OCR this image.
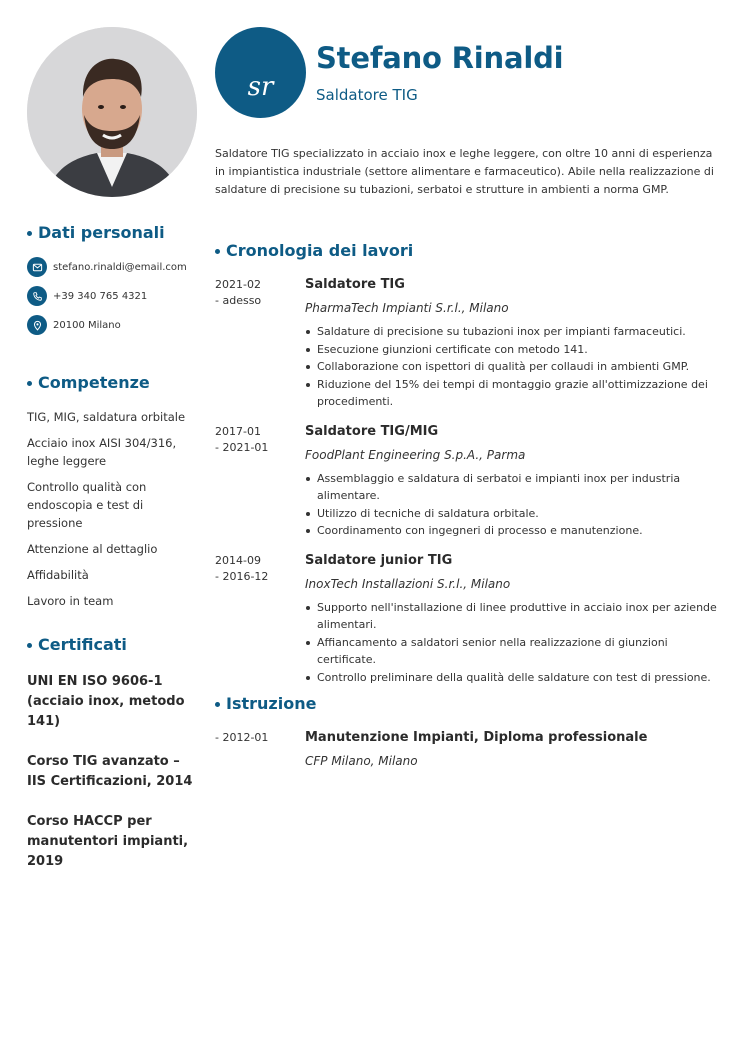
Dati personali
stefano.rinaldi@email.com
+39 340 765 4321
20100 Milano
Competenze
TIG, MIG, saldatura orbitale
Acciaio inox AISI 304/316, leghe leggere
Controllo qualità con endoscopia e test di pressione
Attenzione al dettaglio
Affidabilità
Lavoro in team
Certificati
UNI EN ISO 9606-1 (acciaio inox, metodo 141)
Corso TIG avanzato – IIS Certificazioni, 2014
Corso HACCP per manutentori impianti, 2019
sr
Stefano Rinaldi
Saldatore TIG
Saldatore TIG specializzato in acciaio inox e leghe leggere, con oltre 10 anni di esperienza in impiantistica industriale (settore alimentare e farmaceutico). Abile nella realizzazione di saldature di precisione su tubazioni, serbatoi e strutture in ambienti a norma GMP.
Cronologia dei lavori
2021-02
- adesso
Saldatore TIG
PharmaTech Impianti S.r.l., Milano
Saldature di precisione su tubazioni inox per impianti farmaceutici.
Esecuzione giunzioni certificate con metodo 141.
Collaborazione con ispettori di qualità per collaudi in ambienti GMP.
Riduzione del 15% dei tempi di montaggio grazie all'ottimizzazione dei procedimenti.
2017-01
- 2021-01
Saldatore TIG/MIG
FoodPlant Engineering S.p.A., Parma
Assemblaggio e saldatura di serbatoi e impianti inox per industria alimentare.
Utilizzo di tecniche di saldatura orbitale.
Coordinamento con ingegneri di processo e manutenzione.
2014-09
- 2016-12
Saldatore junior TIG
InoxTech Installazioni S.r.l., Milano
Supporto nell'installazione di linee produttive in acciaio inox per aziende alimentari.
Affiancamento a saldatori senior nella realizzazione di giunzioni certificate.
Controllo preliminare della qualità delle saldature con test di pressione.
Istruzione
- 2012-01	Manutenzione Impianti, Diploma professionale
CFP Milano, Milano
